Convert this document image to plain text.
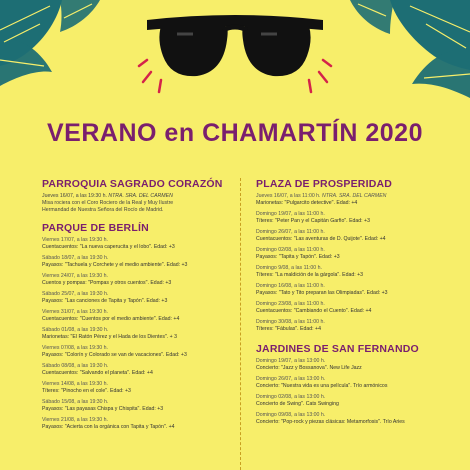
VERANO en CHAMARTÍN 2020
PARROQUIA SAGRADO CORAZÓN
Jueves 16/07, a las 19:30 h. NTRA. SRA. DEL CARMEN
Misa rociera con el Coro Rociero de la Real y Muy Ilustre
Hermandad de Nuestra Señora del Rocío de Madrid.
PARQUE DE BERLÍN
Viernes 17/07, a las 19:30 h.
Cuentacuentos: "La nueva caperucita y el lobo". Edad: +3
Sábado 18/07, a las 19:30 h.
Payasos: "Tachuela y Corchete y el medio ambiente". Edad: +3
Viernes 24/07, a las 19:30 h.
Cuentos y pompas: "Pompas y otros cuentos". Edad: +3
Sábado 25/07, a las 19:30 h.
Payasos: "Las canciones de Tapita y Tapón". Edad: +3
Viernes 31/07, a las 19:30 h.
Cuentacuentos: "Cuentos por el medio ambiente". Edad: +4
Sábado 01/08, a las 19:30 h.
Marionetas: "El Ratón Pérez y el Hada de los Dientes". + 3
Viernes 07/08, a las 19:30 h.
Payasos: "Colorín y Colorado se van de vacaciones". Edad: +3
Sábado 08/08, a las 19:30 h.
Cuentacuentos: "Salvando el planeta". Edad: +4
Viernes 14/08, a las 19:30 h.
Títeres: "Pinocho en el cole". Edad: +3
Sábado 15/08, a las 19:30 h.
Payasos: "Las payasas Chispa y Chispita". Edad: +3
Viernes 21/08, a las 19:30 h.
Payasos: "Acierta con la orgánica con Tapita y Tapón". +4
PLAZA DE PROSPERIDAD
Jueves 16/07, a las 11:00 h. NTRA. SRA. DEL CARMEN
Marionetas: "Pulgarcito detective". Edad: +4
Domingo 19/07, a las 11:00 h.
Títeres: "Peter Pan y el Capitán Garfio". Edad: +3
Domingo 26/07, a las 11:00 h.
Cuentacuentos: "Las aventuras de D. Quijote". Edad: +4
Domingo 02/08, a las 11:00 h.
Payasos: "Tapita y Tapón". Edad: +3
Domingo 9/08, a las 11:00 h.
Títeres: "La maldición de la gárgola". Edad: +3
Domingo 16/08, a las 11:00 h.
Payasos: "Tato y Tito preparan las Olimpiadas". Edad: +3
Domingo 23/08, a las 11:00 h.
Cuentacuentos: "Cambiando el Cuento". Edad: +4
Domingo 30/08, a las 11:00 h.
Títeres: "Fábulas". Edad: +4
JARDINES DE SAN FERNANDO
Domingo 19/07, a las 13:00 h.
Concierto: "Jazz y Bossanova". New Life Jazz
Domingo 26/07, a las 13:00 h.
Concierto: "Nuestra vida es una película". Trío armónicos
Domingo 02/08, a las 13:00 h.
Concierto de Swing". Cats Swinging
Domingo 09/08, a las 13:00 h.
Concierto: "Pop-rock y piezas clásicas: Metamorfosis". Trío Aries
